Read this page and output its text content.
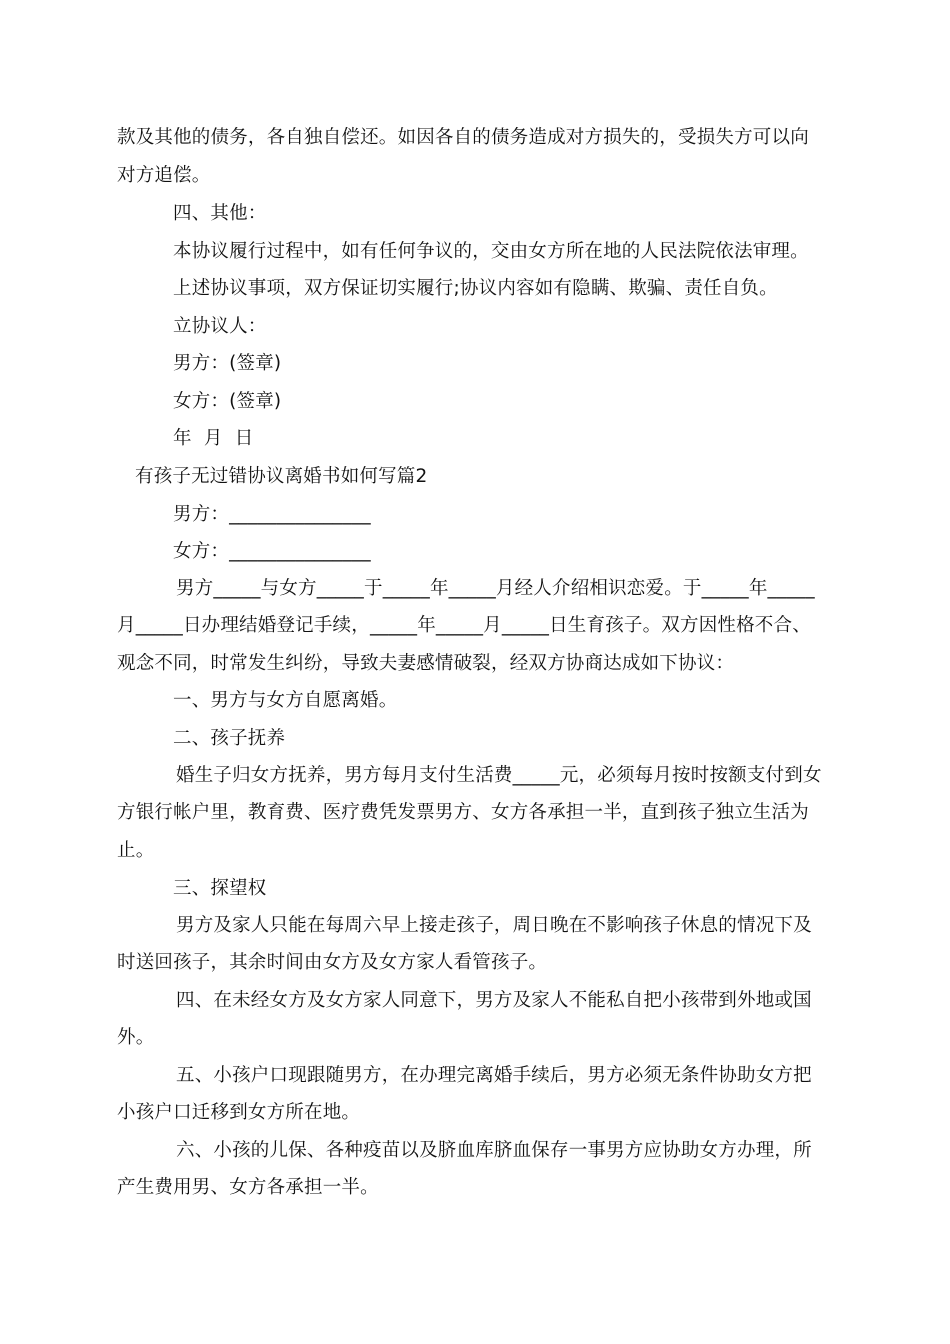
款及其他的债务，各自独自偿还。如因各自的债务造成对方损失的，受损失方可以向
对方追偿。
四、其他：
本协议履行过程中，如有任何争议的，交由女方所在地的人民法院依法审理。
上述协议事项，双方保证切实履行;协议内容如有隐瞒、欺骗、责任自负。
立协议人：
男方：(签章)
女方：(签章)
年  月  日
有孩子无过错协议离婚书如何写篇2
男方：_______________
女方：_______________
男方_____与女方_____于_____年_____月经人介绍相识恋爱。于_____年_____
月_____日办理结婚登记手续，_____年_____月_____日生育孩子。双方因性格不合、
观念不同，时常发生纠纷，导致夫妻感情破裂，经双方协商达成如下协议：
一、男方与女方自愿离婚。
二、孩子抚养
婚生子归女方抚养，男方每月支付生活费_____元，必须每月按时按额支付到女
方银行帐户里，教育费、医疗费凭发票男方、女方各承担一半，直到孩子独立生活为
止。
三、探望权
男方及家人只能在每周六早上接走孩子，周日晚在不影响孩子休息的情况下及
时送回孩子，其余时间由女方及女方家人看管孩子。
四、在未经女方及女方家人同意下，男方及家人不能私自把小孩带到外地或国
外。
五、小孩户口现跟随男方，在办理完离婚手续后，男方必须无条件协助女方把
小孩户口迁移到女方所在地。
六、小孩的儿保、各种疫苗以及脐血库脐血保存一事男方应协助女方办理，所
产生费用男、女方各承担一半。
